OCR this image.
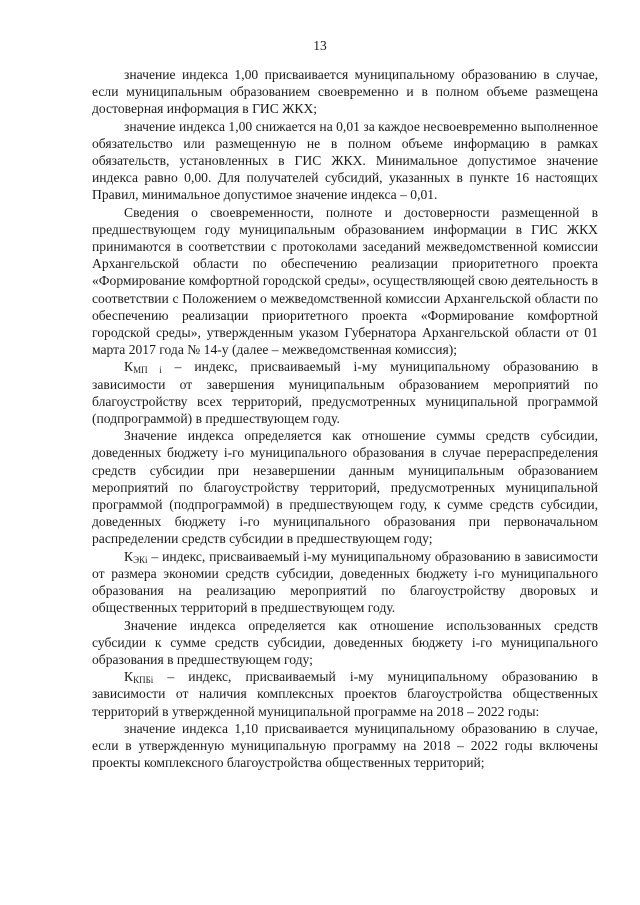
13

значение индекса 1,00 присваивается муниципальному образованию в случае, если муниципальным образованием своевременно и в полном объеме размещена достоверная информация в ГИС ЖКХ;

значение индекса 1,00 снижается на 0,01 за каждое несвоевременно выполненное обязательство или размещенную не в полном объеме информацию в рамках обязательств, установленных в ГИС ЖКХ. Минимальное допустимое значение индекса равно 0,00. Для получателей субсидий, указанных в пункте 16 настоящих Правил, минимальное допустимое значение индекса – 0,01.

Сведения о своевременности, полноте и достоверности размещенной в предшествующем году муниципальным образованием информации в ГИС ЖКХ принимаются в соответствии с протоколами заседаний межведомственной комиссии Архангельской области по обеспечению реализации приоритетного проекта «Формирование комфортной городской среды», осуществляющей свою деятельность в соответствии с Положением о межведомственной комиссии Архангельской области по обеспечению реализации приоритетного проекта «Формирование комфортной городской среды», утвержденным указом Губернатора Архангельской области от 01 марта 2017 года № 14-у (далее – межведомственная комиссия);

$К_{МП i}$ – индекс, присваиваемый i-му муниципальному образованию в зависимости от завершения муниципальным образованием мероприятий по благоустройству всех территорий, предусмотренных муниципальной программой (подпрограммой) в предшествующем году.

Значение индекса определяется как отношение суммы средств субсидии, доведенных бюджету i-го муниципального образования в случае перераспределения средств субсидии при незавершении данным муниципальным образованием мероприятий по благоустройству территорий, предусмотренных муниципальной программой (подпрограммой) в предшествующем году, к сумме средств субсидии, доведенных бюджету i-го муниципального образования при первоначальном распределении средств субсидии в предшествующем году;

$К_{ЭКi}$ – индекс, присваиваемый i-му муниципальному образованию в зависимости от размера экономии средств субсидии, доведенных бюджету i-го муниципального образования на реализацию мероприятий по благоустройству дворовых и общественных территорий в предшествующем году.

Значение индекса определяется как отношение использованных средств субсидии к сумме средств субсидии, доведенных бюджету i-го муниципального образования в предшествующем году;

$К_{КПБi}$ – индекс, присваиваемый i-му муниципальному образованию в зависимости от наличия комплексных проектов благоустройства общественных территорий в утвержденной муниципальной программе на 2018 – 2022 годы:

значение индекса 1,10 присваивается муниципальному образованию в случае, если в утвержденную муниципальную программу на 2018 – 2022 годы включены проекты комплексного благоустройства общественных территорий;
